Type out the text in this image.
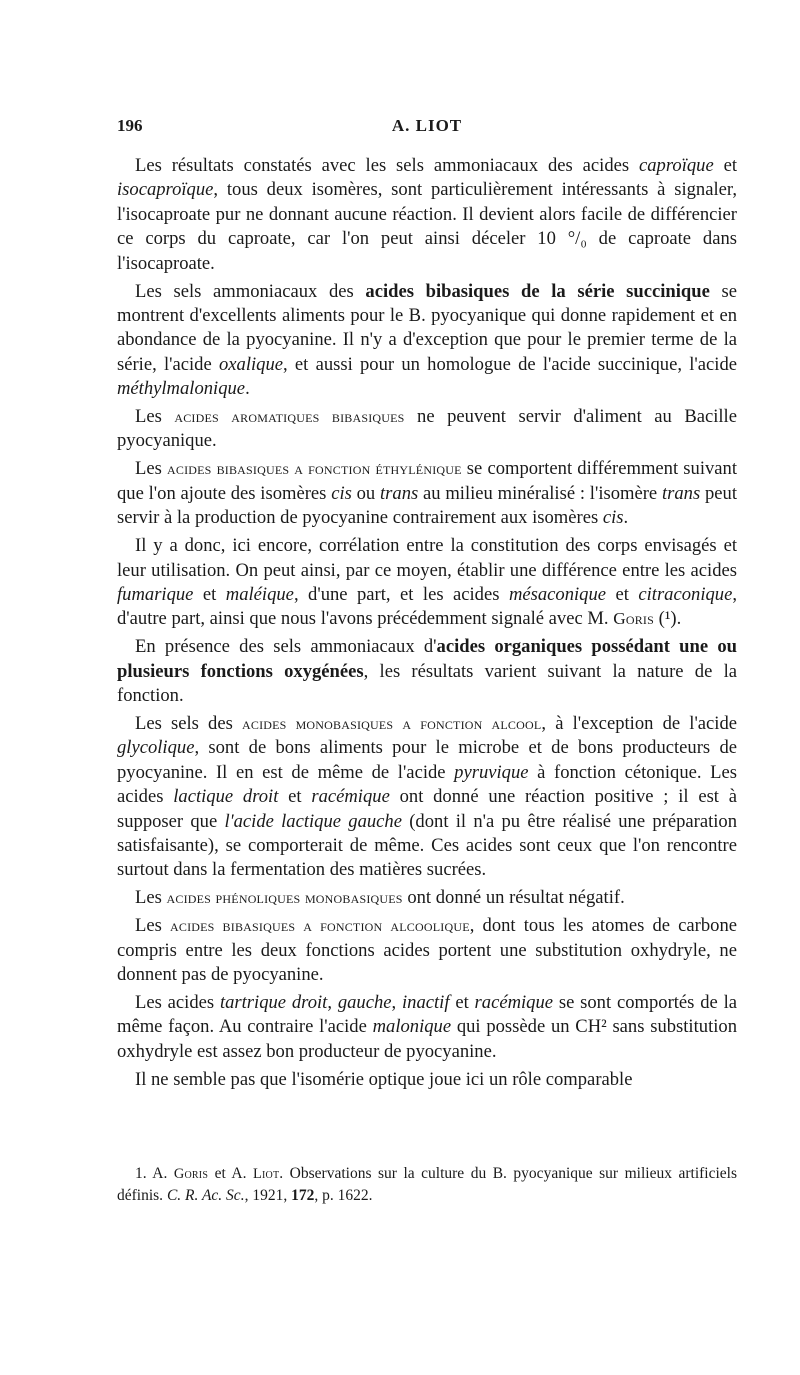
196	A. LIOT

Les résultats constatés avec les sels ammoniacaux des acides caproïque et isocaproïque, tous deux isomères, sont particulièrement intéressants à signaler, l'isocaproate pur ne donnant aucune réaction. Il devient alors facile de différencier ce corps du caproate, car l'on peut ainsi déceler 10 °/₀ de caproate dans l'isocaproate.

Les sels ammoniacaux des acides bibasiques de la série succinique se montrent d'excellents aliments pour le B. pyocyanique qui donne rapidement et en abondance de la pyocyanine. Il n'y a d'exception que pour le premier terme de la série, l'acide oxalique, et aussi pour un homologue de l'acide succinique, l'acide méthylmalonique.

Les acides aromatiques bibasiques ne peuvent servir d'aliment au Bacille pyocyanique.

Les acides bibasiques a fonction éthylénique se comportent différemment suivant que l'on ajoute des isomères cis ou trans au milieu minéralisé : l'isomère trans peut servir à la production de pyocyanine contrairement aux isomères cis.

Il y a donc, ici encore, corrélation entre la constitution des corps envisagés et leur utilisation. On peut ainsi, par ce moyen, établir une différence entre les acides fumarique et maléique, d'une part, et les acides mésaconique et citraconique, d'autre part, ainsi que nous l'avons précédemment signalé avec M. Goris (¹).

En présence des sels ammoniacaux d'acides organiques possédant une ou plusieurs fonctions oxygénées, les résultats varient suivant la nature de la fonction.

Les sels des acides monobasiques a fonction alcool, à l'exception de l'acide glycolique, sont de bons aliments pour le microbe et de bons producteurs de pyocyanine. Il en est de même de l'acide pyruvique à fonction cétonique. Les acides lactique droit et racémique ont donné une réaction positive ; il est à supposer que l'acide lactique gauche (dont il n'a pu être réalisé une préparation satisfaisante), se comporterait de même. Ces acides sont ceux que l'on rencontre surtout dans la fermentation des matières sucrées.

Les acides phénoliques monobasiques ont donné un résultat négatif.

Les acides bibasiques a fonction alcoolique, dont tous les atomes de carbone compris entre les deux fonctions acides portent une substitution oxhydryle, ne donnent pas de pyocyanine.

Les acides tartrique droit, gauche, inactif et racémique se sont comportés de la même façon. Au contraire l'acide malonique qui possède un CH² sans substitution oxhydryle est assez bon producteur de pyocyanine.

Il ne semble pas que l'isomérie optique joue ici un rôle comparable

1. A. Goris et A. Liot. Observations sur la culture du B. pyocyanique sur milieux artificiels définis. C. R. Ac. Sc., 1921, 172, p. 1622.
